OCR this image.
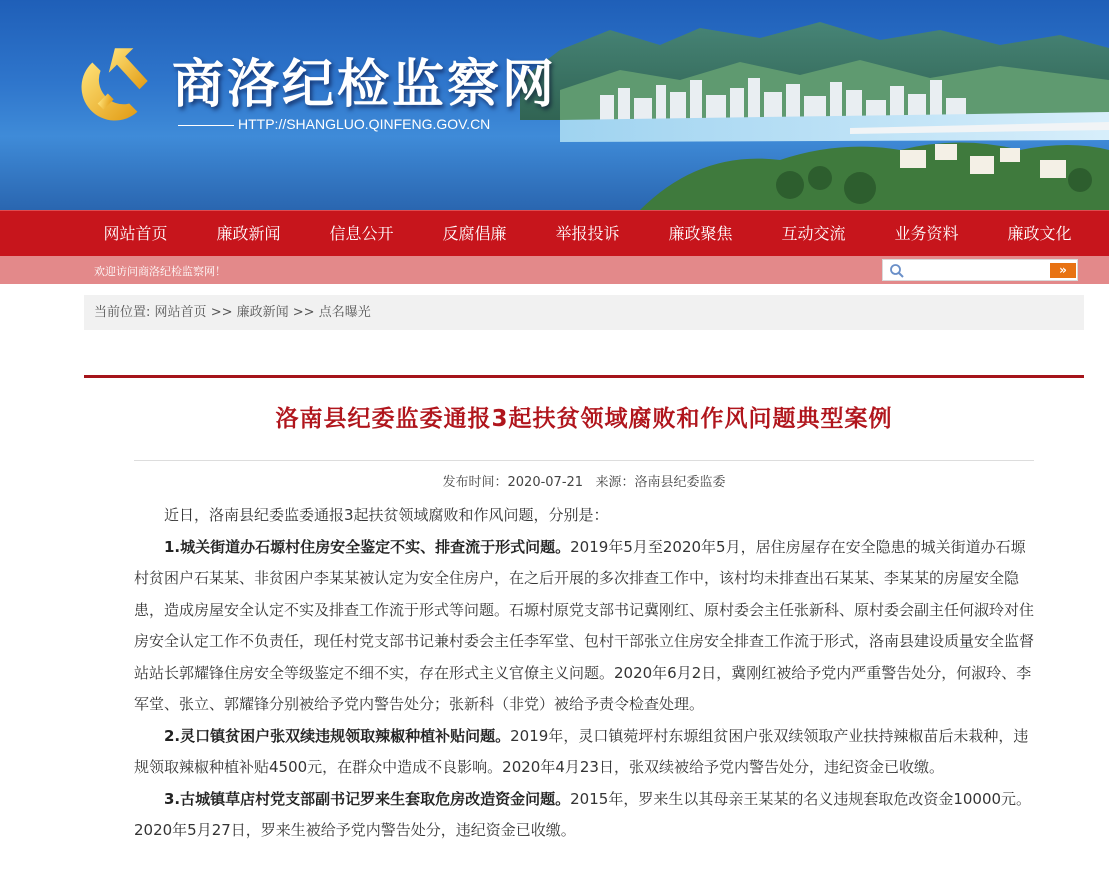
商洛纪检监察网
HTTP://SHANGLUO.QINFENG.GOV.CN
网站首页	廉政新闻	信息公开	反腐倡廉	举报投诉	廉政聚焦	互动交流	业务资料	廉政文化
欢迎访问商洛纪检监察网！	»
当前位置: 网站首页 >> 廉政新闻 >> 点名曝光
洛南县纪委监委通报3起扶贫领域腐败和作风问题典型案例
发布时间：2020-07-21 来源：洛南县纪委监委

近日，洛南县纪委监委通报3起扶贫领域腐败和作风问题，分别是：

1.城关街道办石塬村住房安全鉴定不实、排查流于形式问题。2019年5月至2020年5月，居住房屋存在安全隐患的城关街道办石塬村贫困户石某某、非贫困户李某某被认定为安全住房户，在之后开展的多次排查工作中，该村均未排查出石某某、李某某的房屋安全隐患，造成房屋安全认定不实及排查工作流于形式等问题。石塬村原党支部书记冀刚红、原村委会主任张新科、原村委会副主任何淑玲对住房安全认定工作不负责任，现任村党支部书记兼村委会主任李军堂、包村干部张立住房安全排查工作流于形式，洛南县建设质量安全监督站站长郭耀锋住房安全等级鉴定不细不实，存在形式主义官僚主义问题。2020年6月2日，冀刚红被给予党内严重警告处分，何淑玲、李军堂、张立、郭耀锋分别被给予党内警告处分；张新科（非党）被给予责令检查处理。

2.灵口镇贫困户张双续违规领取辣椒种植补贴问题。2019年，灵口镇菀坪村东塬组贫困户张双续领取产业扶持辣椒苗后未栽种，违规领取辣椒种植补贴4500元，在群众中造成不良影响。2020年4月23日，张双续被给予党内警告处分，违纪资金已收缴。

3.古城镇草店村党支部副书记罗来生套取危房改造资金问题。2015年，罗来生以其母亲王某某的名义违规套取危改资金10000元。2020年5月27日，罗来生被给予党内警告处分，违纪资金已收缴。
